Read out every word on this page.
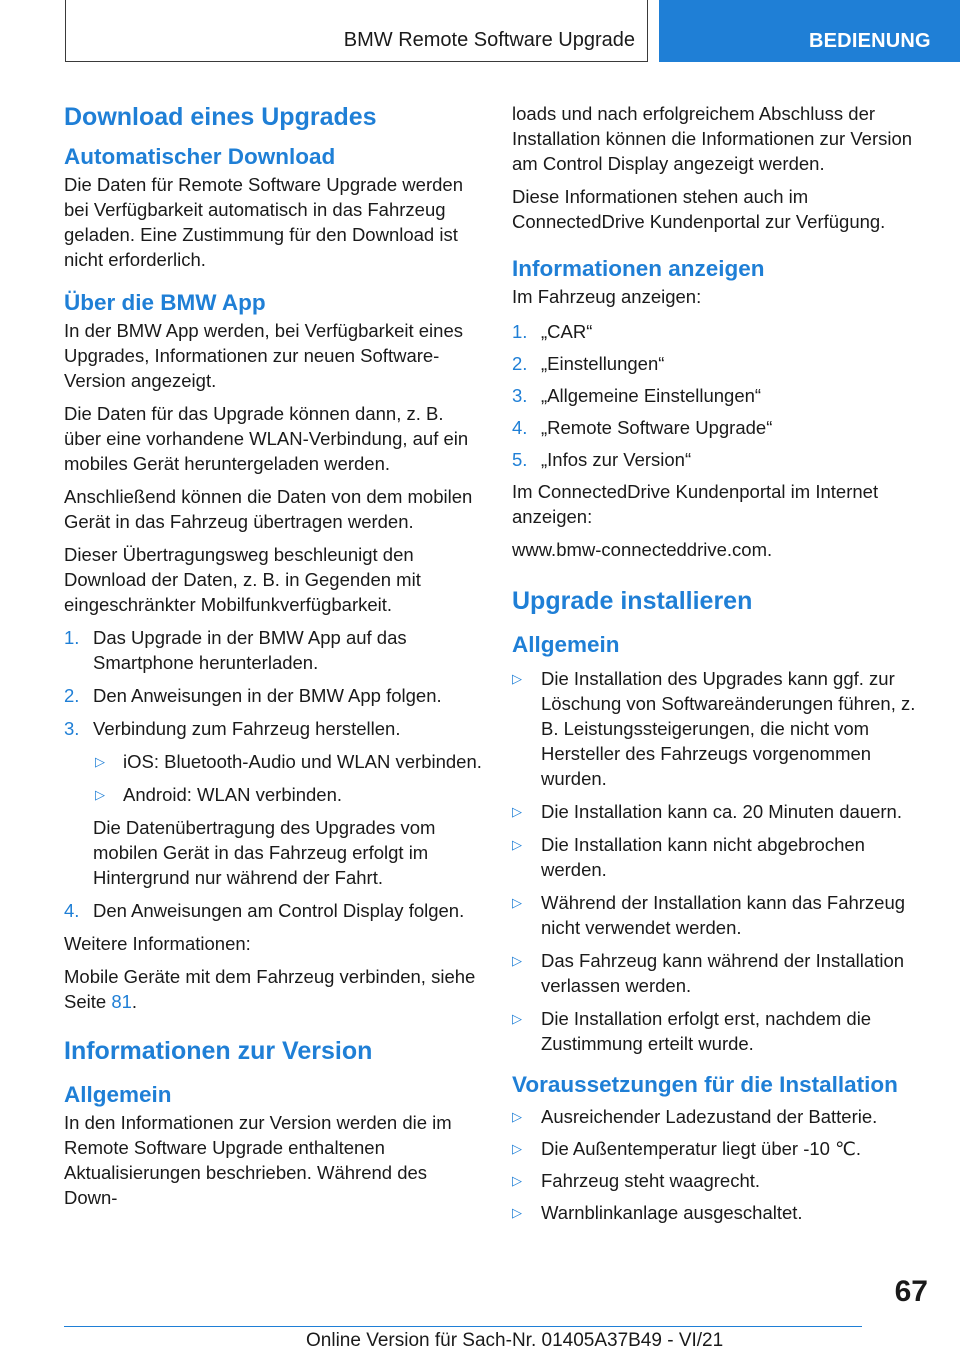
BMW Remote Software Upgrade	BEDIENUNG
Download eines Upgrades
Automatischer Download
Die Daten für Remote Software Upgrade werden bei Verfügbarkeit automatisch in das Fahrzeug geladen. Eine Zustimmung für den Download ist nicht erforderlich.
Über die BMW App
In der BMW App werden, bei Verfügbarkeit eines Upgrades, Informationen zur neuen Software-Version angezeigt.
Die Daten für das Upgrade können dann, z. B. über eine vorhandene WLAN-Verbindung, auf ein mobiles Gerät heruntergeladen werden.
Anschließend können die Daten von dem mobilen Gerät in das Fahrzeug übertragen werden.
Dieser Übertragungsweg beschleunigt den Download der Daten, z. B. in Gegenden mit eingeschränkter Mobilfunkverfügbarkeit.
1. Das Upgrade in der BMW App auf das Smartphone herunterladen.
2. Den Anweisungen in der BMW App folgen.
3. Verbindung zum Fahrzeug herstellen.
▷ iOS: Bluetooth-Audio und WLAN verbinden.
▷ Android: WLAN verbinden.
Die Datenübertragung des Upgrades vom mobilen Gerät in das Fahrzeug erfolgt im Hintergrund nur während der Fahrt.
4. Den Anweisungen am Control Display folgen.
Weitere Informationen:
Mobile Geräte mit dem Fahrzeug verbinden, siehe Seite 81.
Informationen zur Version
Allgemein
In den Informationen zur Version werden die im Remote Software Upgrade enthaltenen Aktualisierungen beschrieben. Während des Down-
loads und nach erfolgreichem Abschluss der Installation können die Informationen zur Version am Control Display angezeigt werden.
Diese Informationen stehen auch im ConnectedDrive Kundenportal zur Verfügung.
Informationen anzeigen
Im Fahrzeug anzeigen:
1. „CAR“
2. „Einstellungen“
3. „Allgemeine Einstellungen“
4. „Remote Software Upgrade“
5. „Infos zur Version“
Im ConnectedDrive Kundenportal im Internet anzeigen:
www.bmw-connecteddrive.com.
Upgrade installieren
Allgemein
▷ Die Installation des Upgrades kann ggf. zur Löschung von Softwareänderungen führen, z. B. Leistungssteigerungen, die nicht vom Hersteller des Fahrzeugs vorgenommen wurden.
▷ Die Installation kann ca. 20 Minuten dauern.
▷ Die Installation kann nicht abgebrochen werden.
▷ Während der Installation kann das Fahrzeug nicht verwendet werden.
▷ Das Fahrzeug kann während der Installation verlassen werden.
▷ Die Installation erfolgt erst, nachdem die Zustimmung erteilt wurde.
Voraussetzungen für die Installation
▷ Ausreichender Ladezustand der Batterie.
▷ Die Außentemperatur liegt über -10 ℃.
▷ Fahrzeug steht waagrecht.
▷ Warnblinkanlage ausgeschaltet.
67
Online Version für Sach-Nr. 01405A37B49 - VI/21
